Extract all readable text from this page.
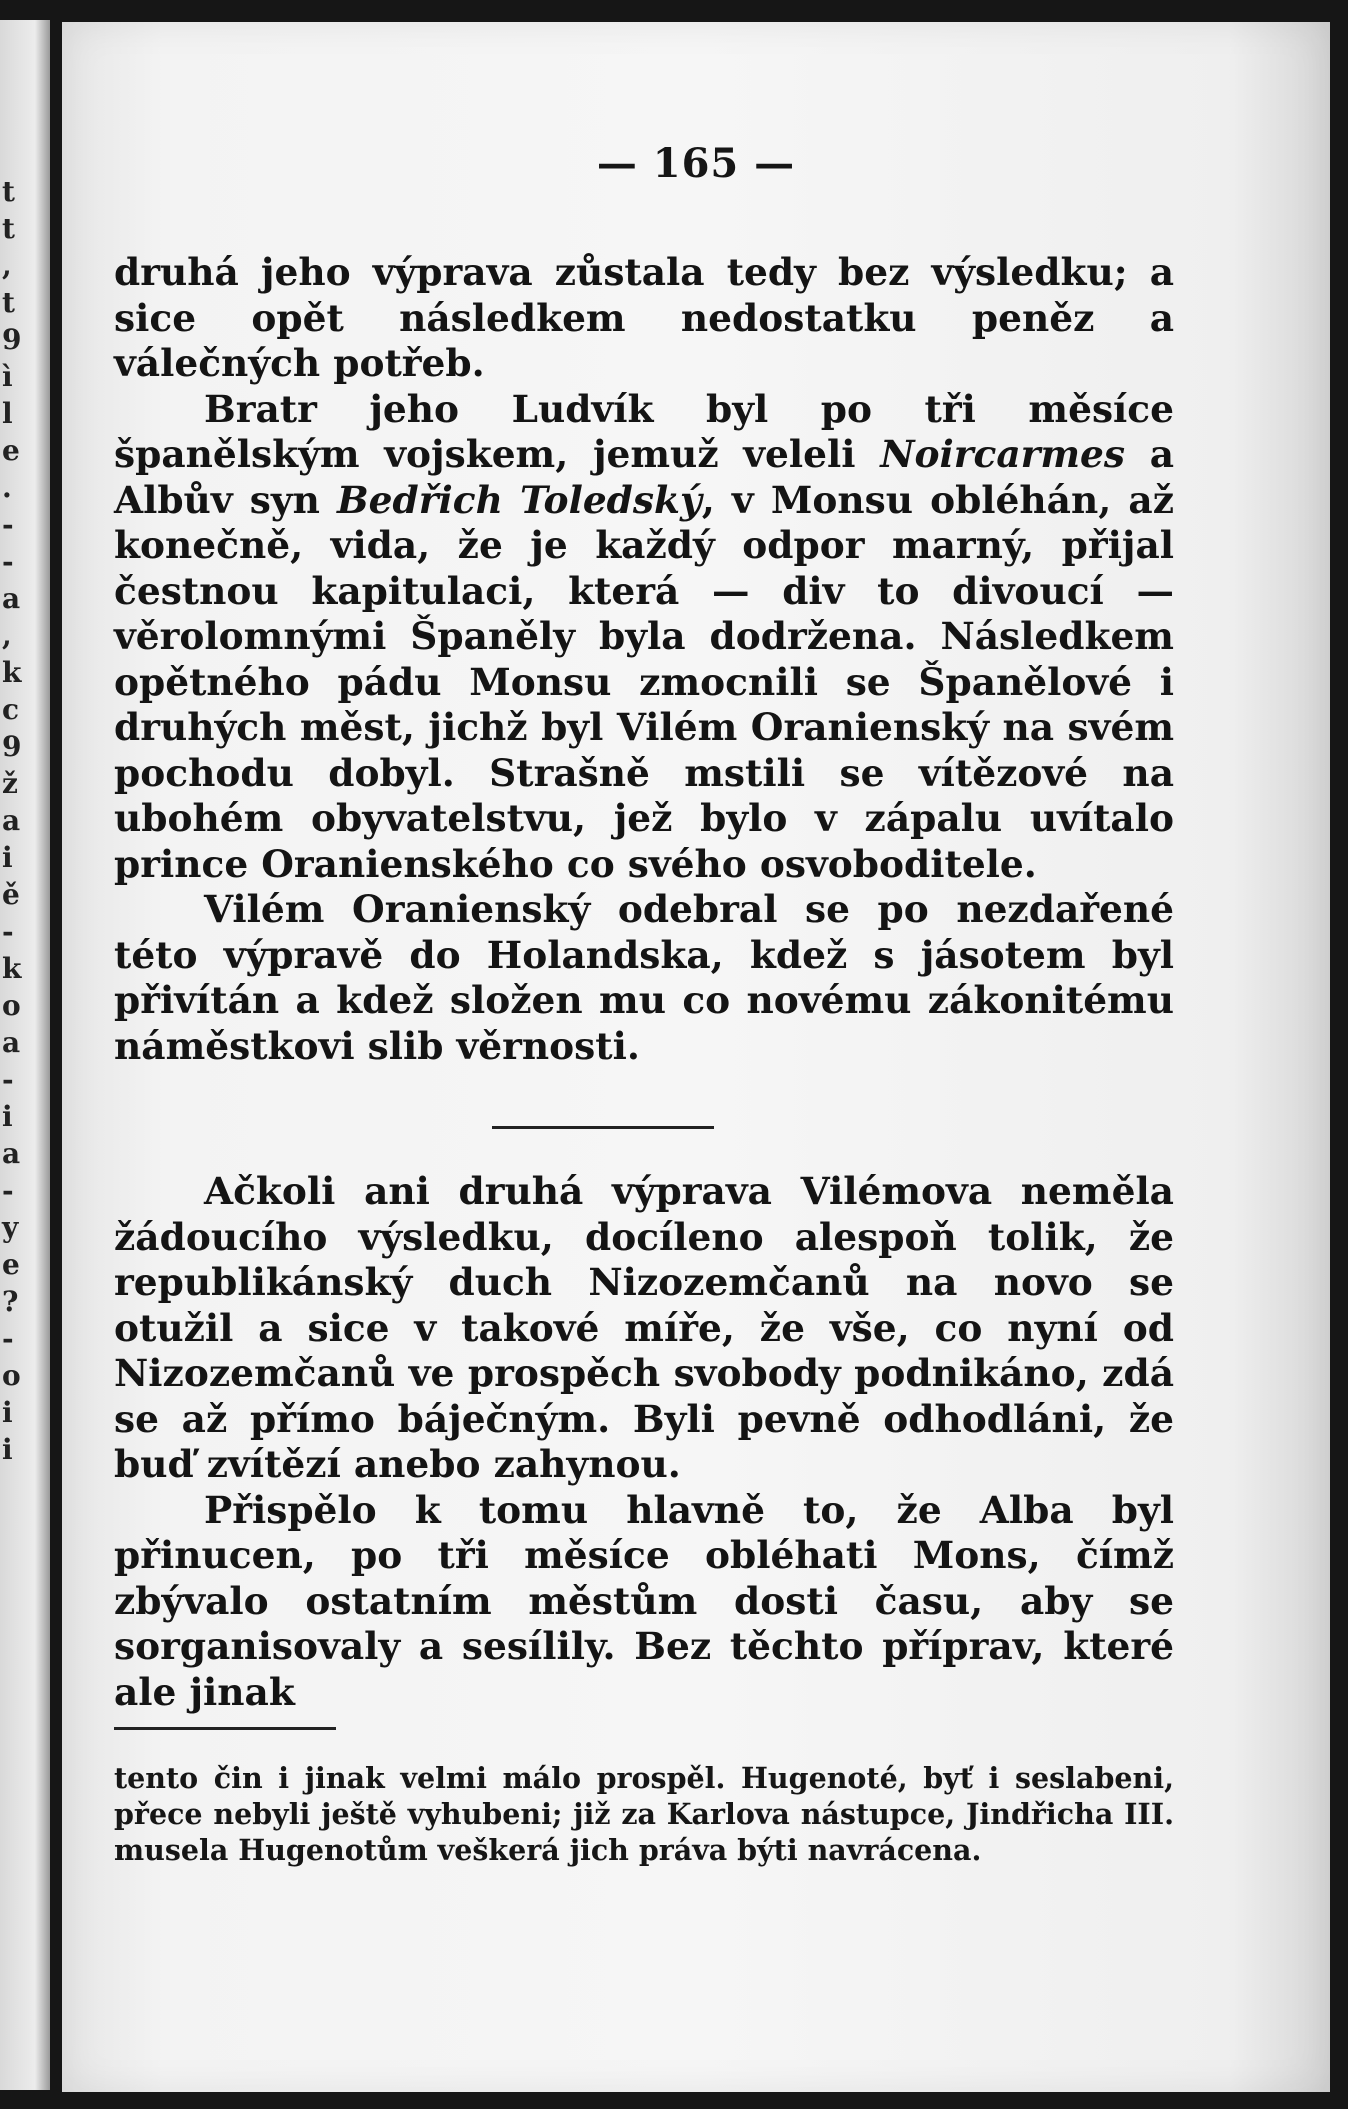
t
t
,
t
9
ì
l
e
.
-
-
a
,
k
c
9
ž
a
i
ě
-
k
o
a
-
i
a
-
y
e
?
-
o
i
i
— 165 —

druhá jeho výprava zůstala tedy bez výsledku; a sice opět následkem nedostatku peněz a válečných potřeb.

Bratr jeho Ludvík byl po tři měsíce španělským vojskem, jemuž veleli Noircarmes a Albův syn Bedřich Toledský, v Monsu obléhán, až konečně, vida, že je každý odpor marný, přijal čestnou kapitulaci, která — div to divoucí — věrolomnými Španěly byla dodržena. Následkem opětného pádu Monsu zmocnili se Španělové i druhých měst, jichž byl Vilém Oranienský na svém pochodu dobyl. Strašně mstili se vítězové na ubohém obyvatelstvu, jež bylo v zápalu uvítalo prince Oranienského co svého osvoboditele.

Vilém Oranienský odebral se po nezdařené této výpravě do Holandska, kdež s jásotem byl přivítán a kdež složen mu co novému zákonitému náměstkovi slib věrnosti.

Ačkoli ani druhá výprava Vilémova neměla žádoucího výsledku, docíleno alespoň tolik, že republikánský duch Nizozemčanů na novo se otužil a sice v takové míře, že vše, co nyní od Nizozemčanů ve prospěch svobody podnikáno, zdá se až přímo báječným. Byli pevně odhodláni, že buď zvítězí anebo zahynou.

Přispělo k tomu hlavně to, že Alba byl přinucen, po tři měsíce obléhati Mons, čímž zbývalo ostatním městům dosti času, aby se sorganisovaly a sesílily. Bez těchto příprav, které ale jinak

tento čin i jinak velmi málo prospěl. Hugenoté, byť i seslabeni, přece nebyli ještě vyhubeni; již za Karlova nástupce, Jindřicha III. musela Hugenotům veškerá jich práva býti navrácena.
